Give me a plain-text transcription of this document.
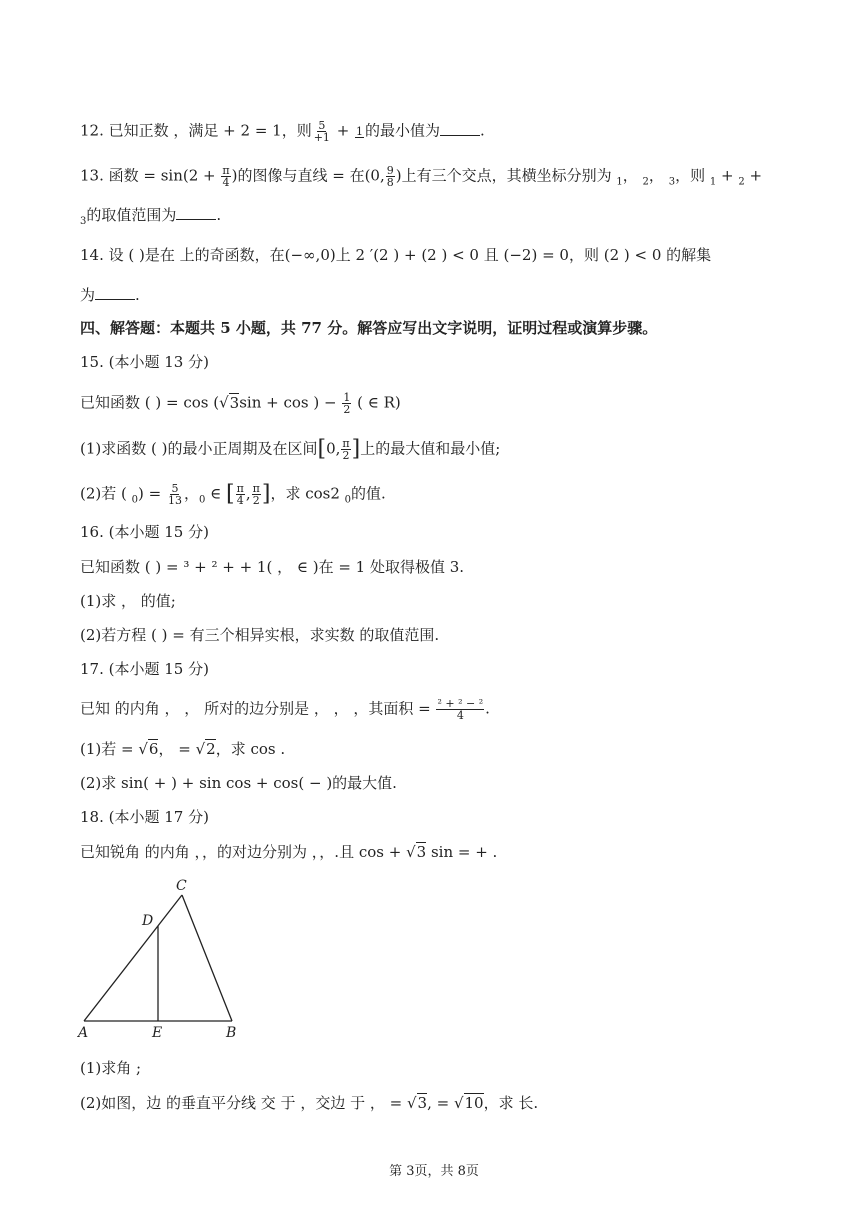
12. 已知正数 ，满足 + 2 = 1，则 $\frac{5}{+1} + 1$ 的最小值为	.
13. 函数 = $\sin(2 + \frac{\pi}{4}$ )的图像与直线 = 在(0, $\frac{9}{8}$ )上有三个交点，其横坐标分别为 $_1$， $_2$， $_3$，则 $_1$ + $_2$ +
$_3$的取值范围为	.
14. 设 ( )是在 上的奇函数，在(−∞,0)上 2 ′(2 ) + (2 ) < 0 且 (−2) = 0，则 (2 ) < 0 的解集
为	.
四、解答题：本题共 5 小题，共 77 分。解答应写出文字说明，证明过程或演算步骤。
15. (本小题 13 分)
已知函数 ( ) = cos (√3sin + cos ) − $\frac{1}{2}$ ( ∈ R)
(1)求函数 ( )的最小正周期及在区间[0, $\frac{\pi}{2}$ ]上的最大值和最小值;
(2)若 ( $_0) = \frac{5}{13}$ ，$_0$ ∈ [ $\frac{\pi}{4}$ , $\frac{\pi}{2}$ ]，求 cos2 $_0$的值.
16. (本小题 15 分)
已知函数 ( ) = ³ + ² + + 1( ， ∈ )在 = 1 处取得极值 3.
(1)求 ， 的值;
(2)若方程 ( ) = 有三个相异实根，求实数 的取值范围.
17. (本小题 15 分)
已知 的内角 ， ， 所对的边分别是 ， ， ，其面积 = $\frac{\text{² + ² − ²}}{4}$ .
(1)若 = √6， = √2，求 cos .
(2)求 sin( + ) + sin cos + cos( − )的最大值.
18. (本小题 17 分)
已知锐角 的内角 ，，的对边分别为 ，，.且 cos + √3 sin = + .
C
D
A	E	B
(1)求角 ;
(2)如图，边 的垂直平分线 交 于 ，交边 于 ， = √3, = √10，求 长.
第 3页，共 8页
